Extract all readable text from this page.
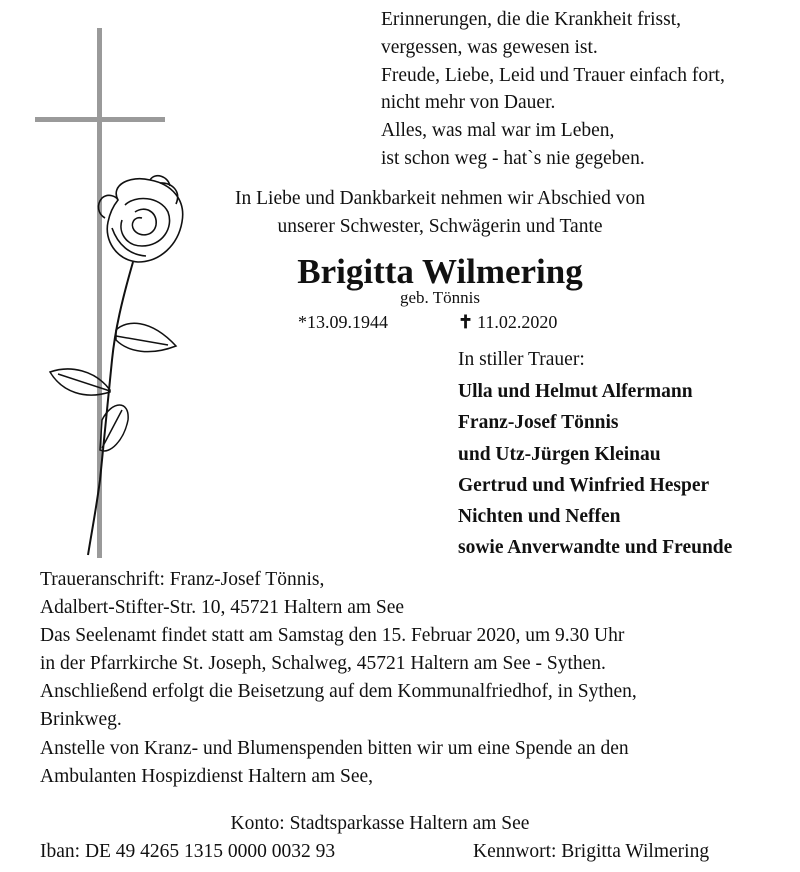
Erinnerungen, die die Krankheit frisst,
vergessen, was gewesen ist.
Freude, Liebe, Leid und Trauer einfach fort,
nicht mehr von Dauer.
Alles, was mal war im Leben,
ist schon weg - hat`s nie gegeben.
In Liebe und Dankbarkeit nehmen wir Abschied von
unserer Schwester, Schwägerin und Tante
Brigitta Wilmering
geb. Tönnis
*13.09.1944	✝ 11.02.2020
In stiller Trauer:
Ulla und Helmut Alfermann
Franz-Josef Tönnis
und Utz-Jürgen Kleinau
Gertrud und Winfried Hesper
Nichten und Neffen
sowie Anverwandte und Freunde
Traueranschrift: Franz-Josef Tönnis,
Adalbert-Stifter-Str. 10, 45721 Haltern am See
Das Seelenamt findet statt am Samstag den 15. Februar 2020, um 9.30 Uhr
in der Pfarrkirche St. Joseph, Schalweg, 45721 Haltern am See - Sythen.
Anschließend erfolgt die Beisetzung auf dem Kommunalfriedhof, in Sythen,
Brinkweg.
Anstelle von Kranz- und Blumenspenden bitten wir um eine Spende an den
Ambulanten Hospizdienst Haltern am See,
Konto: Stadtsparkasse Haltern am See
Iban: DE 49 4265 1315 0000 0032 93	Kennwort: Brigitta Wilmering
